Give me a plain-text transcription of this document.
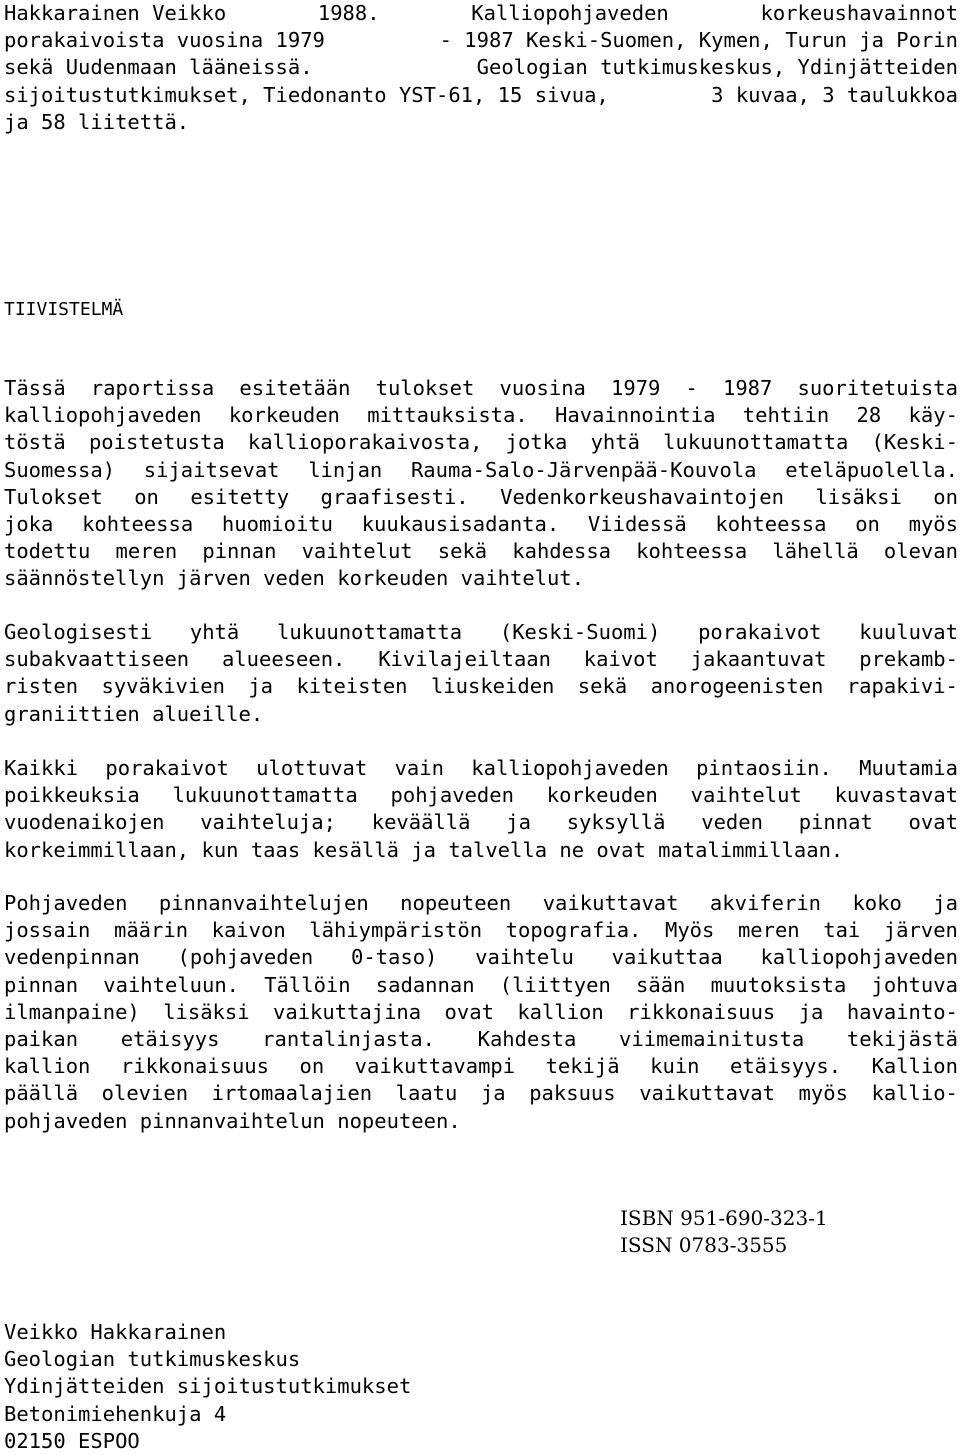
Hakkarainen Veikko	1988.	Kalliopohjaveden	korkeushavainnot
porakaivoista vuosina 1979	- 1987 Keski-Suomen, Kymen, Turun ja Porin
sekä Uudenmaan lääneissä.	Geologian tutkimuskeskus, Ydinjätteiden
sijoitustutkimukset, Tiedonanto YST-61, 15 sivua,	3 kuvaa, 3 taulukkoa
ja 58 liitettä.
TIIVISTELMÄ
Tässä raportissa esitetään tulokset vuosina 1979 - 1987 suoritetuista
kalliopohjaveden korkeuden mittauksista. Havainnointia tehtiin 28 käy-
töstä poistetusta kallioporakaivosta, jotka yhtä lukuunottamatta (Keski-
Suomessa) sijaitsevat linjan Rauma-Salo-Järvenpää-Kouvola eteläpuolella.
Tulokset on esitetty graafisesti. Vedenkorkeushavaintojen lisäksi on
joka kohteessa huomioitu kuukausisadanta. Viidessä kohteessa on myös
todettu meren pinnan vaihtelut sekä kahdessa kohteessa lähellä olevan
säännöstellyn järven veden korkeuden vaihtelut.
Geologisesti yhtä lukuunottamatta (Keski-Suomi) porakaivot kuuluvat
subakvaattiseen alueeseen. Kivilajeiltaan kaivot jakaantuvat prekamb-
risten syväkivien ja kiteisten liuskeiden sekä anorogeenisten rapakivi-
graniittien alueille.
Kaikki porakaivot ulottuvat vain kalliopohjaveden pintaosiin. Muutamia
poikkeuksia lukuunottamatta pohjaveden korkeuden vaihtelut kuvastavat
vuodenaikojen vaihteluja; keväällä ja syksyllä veden pinnat ovat
korkeimmillaan, kun taas kesällä ja talvella ne ovat matalimmillaan.
Pohjaveden pinnanvaihtelujen nopeuteen vaikuttavat akviferin koko ja
jossain määrin kaivon lähiympäristön topografia. Myös meren tai järven
vedenpinnan (pohjaveden 0-taso) vaihtelu vaikuttaa kalliopohjaveden
pinnan vaihteluun. Tällöin sadannan (liittyen sään muutoksista johtuva
ilmanpaine) lisäksi vaikuttajina ovat kallion rikkonaisuus ja havainto-
paikan etäisyys rantalinjasta. Kahdesta viimemainitusta tekijästä
kallion rikkonaisuus on vaikuttavampi tekijä kuin etäisyys. Kallion
päällä olevien irtomaalajien laatu ja paksuus vaikuttavat myös kallio-
pohjaveden pinnanvaihtelun nopeuteen.
ISBN 951-690-323-1
ISSN 0783-3555
Veikko Hakkarainen
Geologian tutkimuskeskus
Ydinjätteiden sijoitustutkimukset
Betonimiehenkuja 4
02150 ESPOO
